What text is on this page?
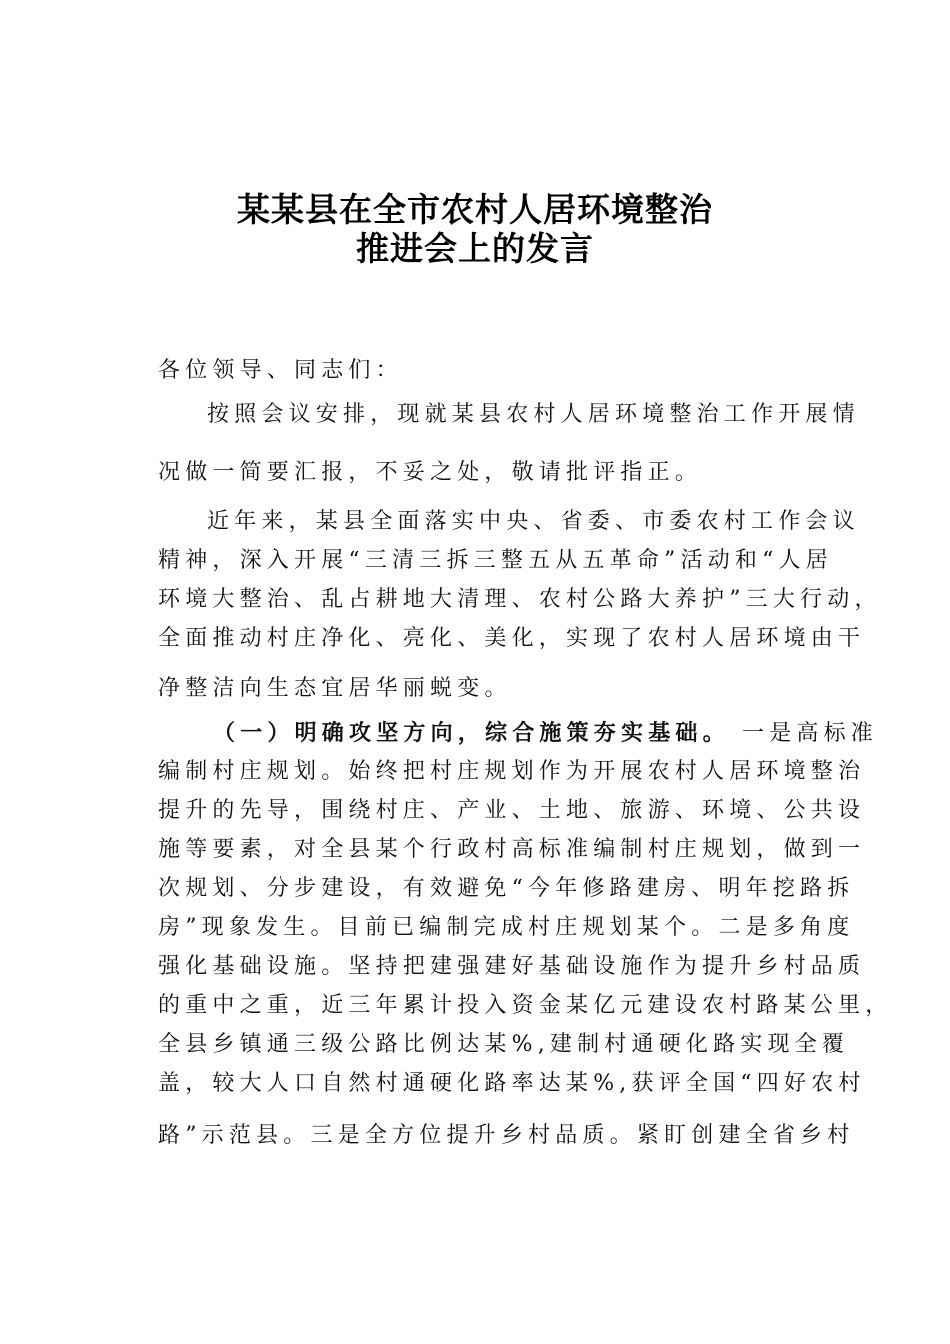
某某县在全市农村人居环境整治
推进会上的发言
各位领导、同志们：
按照会议安排，现就某县农村人居环境整治工作开展情
况做一简要汇报，不妥之处，敬请批评指正。
近年来，某县全面落实中央、省委、市委农村工作会议
精神，深入开展“三清三拆三整五从五革命”活动和“人居
环境大整治、乱占耕地大清理、农村公路大养护”三大行动，
全面推动村庄净化、亮化、美化，实现了农村人居环境由干
净整洁向生态宜居华丽蜕变。
（一）明确攻坚方向，综合施策夯实基础。 一是高标准
编制村庄规划。始终把村庄规划作为开展农村人居环境整治
提升的先导，围绕村庄、产业、土地、旅游、环境、公共设
施等要素，对全县某个行政村高标准编制村庄规划，做到一
次规划、分步建设，有效避免“今年修路建房、明年挖路拆
房”现象发生。目前已编制完成村庄规划某个。二是多角度
强化基础设施。坚持把建强建好基础设施作为提升乡村品质
的重中之重，近三年累计投入资金某亿元建设农村路某公里，
全县乡镇通三级公路比例达某%,建制村通硬化路实现全覆
盖，较大人口自然村通硬化路率达某%,获评全国“四好农村
路”示范县。三是全方位提升乡村品质。紧盯创建全省乡村
